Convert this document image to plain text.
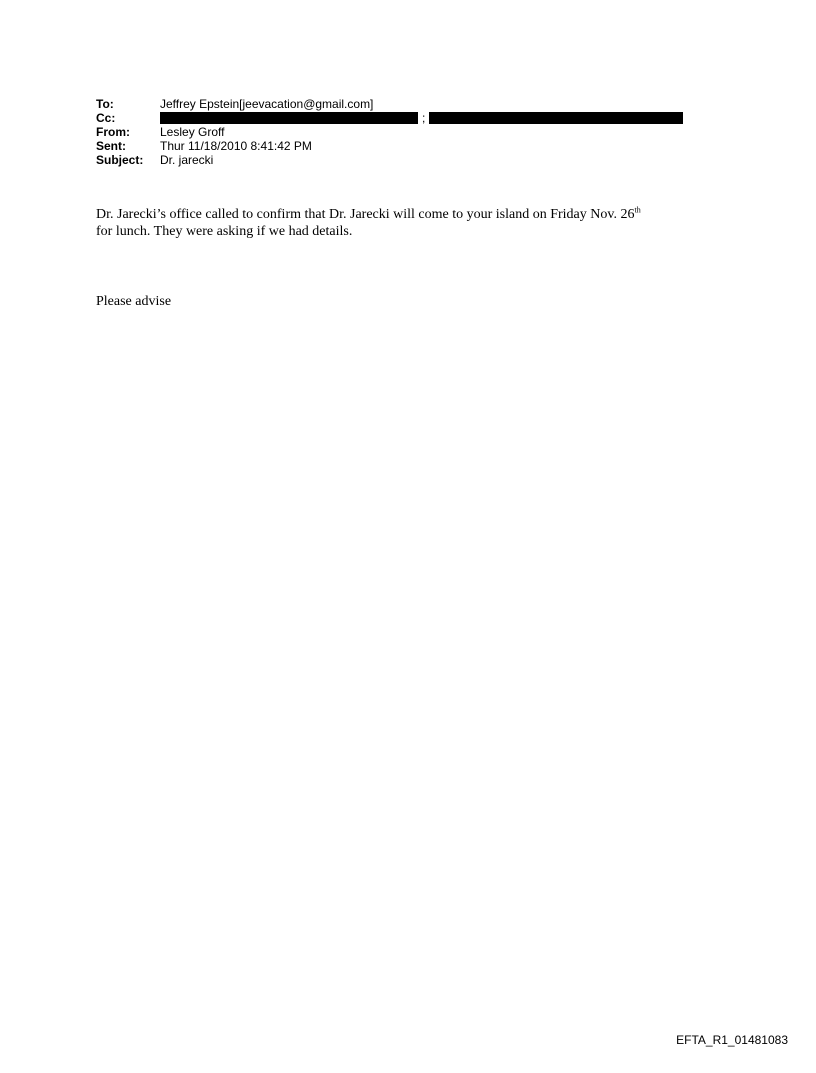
To:	Jeffrey Epstein[jeevacation@gmail.com]
Cc:	;
From:	Lesley Groff
Sent:	Thur 11/18/2010 8:41:42 PM
Subject:	Dr. jarecki

Dr. Jarecki’s office called to confirm that Dr. Jarecki will come to your island on Friday Nov. 26th
for lunch. They were asking if we had details.

Please advise
EFTA_R1_01481083
